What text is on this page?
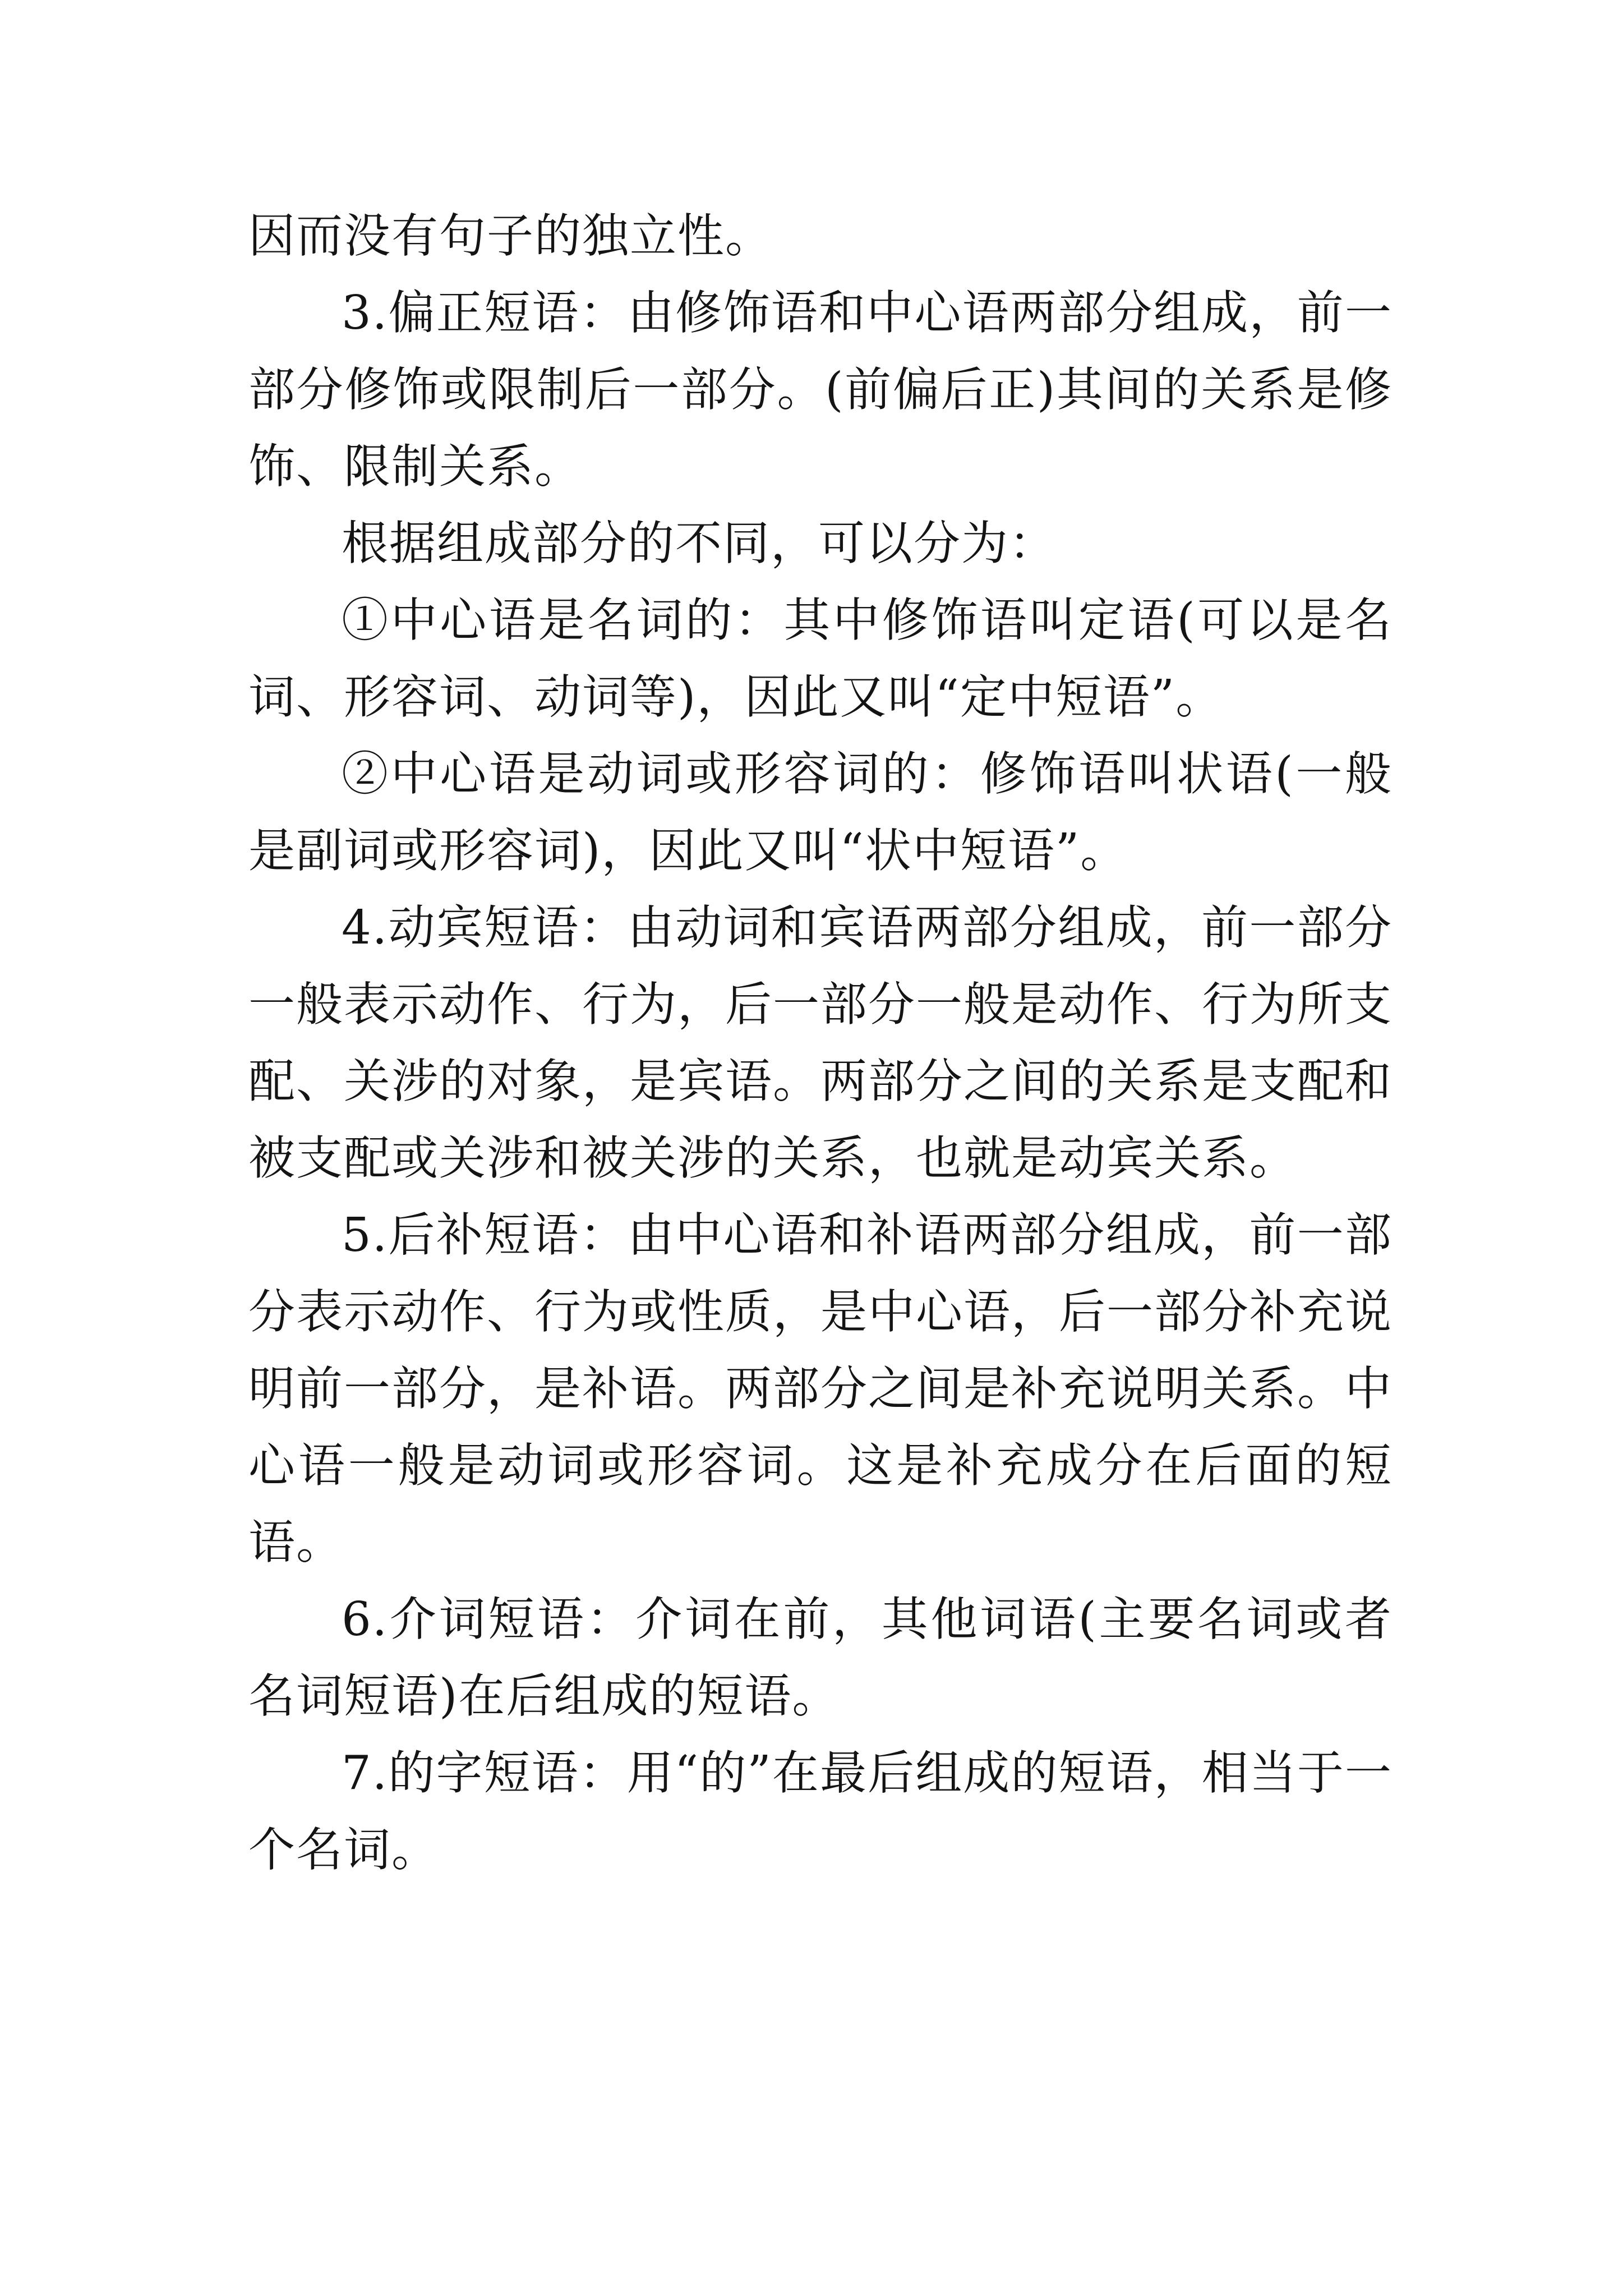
因而没有句子的独立性。

3.偏正短语：由修饰语和中心语两部分组成，前一部分修饰或限制后一部分。(前偏后正)其间的关系是修饰、限制关系。

根据组成部分的不同，可以分为：

①中心语是名词的：其中修饰语叫定语(可以是名词、形容词、动词等)，因此又叫“定中短语”。

②中心语是动词或形容词的：修饰语叫状语(一般是副词或形容词)，因此又叫“状中短语”。

4.动宾短语：由动词和宾语两部分组成，前一部分一般表示动作、行为，后一部分一般是动作、行为所支配、关涉的对象，是宾语。两部分之间的关系是支配和被支配或关涉和被关涉的关系，也就是动宾关系。

5.后补短语：由中心语和补语两部分组成，前一部分表示动作、行为或性质，是中心语，后一部分补充说明前一部分，是补语。两部分之间是补充说明关系。中心语一般是动词或形容词。这是补充成分在后面的短语。

6.介词短语：介词在前，其他词语(主要名词或者名词短语)在后组成的短语。

7.的字短语：用“的”在最后组成的短语，相当于一个名词。
